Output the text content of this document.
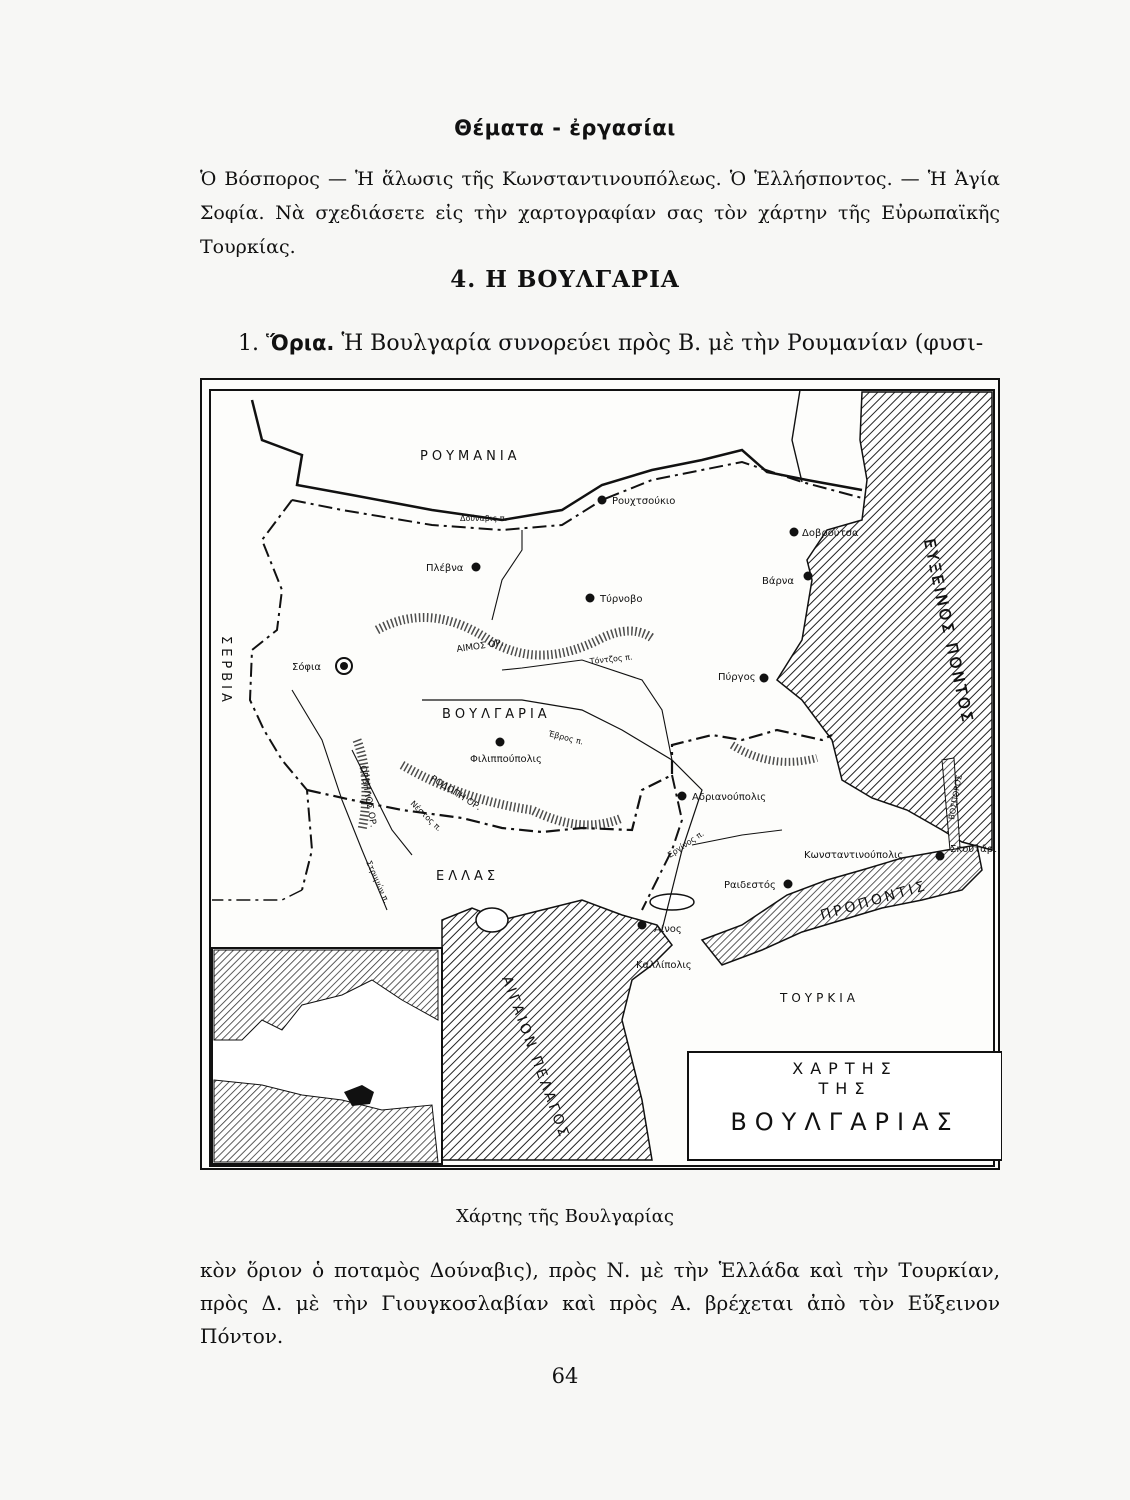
Θέματα - ἐργασίαι
Ὁ Βόσπορος — Ἡ ἅλωσις τῆς Κωνσταντινουπόλεως. Ὁ Ἑλλήσποντος. — Ἡ Ἁγία Σοφία. Νὰ σχεδιάσετε εἰς τὴν χαρτογραφίαν σας τὸν χάρτην τῆς Εὐρωπαϊκῆς Τουρκίας.
4. Η ΒΟΥΛΓΑΡΙΑ
1. Ὅρια. Ἡ Βουλγαρία συνορεύει πρὸς Β. μὲ τὴν Ρουμανίαν (φυσι-
ΡΟΥΜΑΝΙΑ
ΣΕΡΒΙΑ
ΒΟΥΛΓΑΡΙΑ
ΕΛΛΑΣ
ΤΟΥΡΚΙΑ
ΕΥΞΕΙΝΟΣ ΠΟΝΤΟΣ
ΠΡΟΠΟΝΤΙΣ
ΑΙΓΑΙΟΝ ΠΕΛΑΓΟΣ
ΒΟΣΠΟΡΟΣ
ΑΙΜΟΣ ΟΡ.
ΡΟΔΟΠΗ ΟΡ.
ΟΡΒΗΛΟΣ ΟΡ.
Δούναβις π.
Τόντζος π.
Έβρος π.
Νέστος π.
Στρυμών π.
Εργίνος π.
Ρουχτσούκιο
Δοβρούτσα
Πλέβνα
Τύρνοβο
Βάρνα
Σόφια
Πύργος
Φιλιππούπολις
Αδριανούπολις
Κωνσταντινούπολις
Σκουτάρι
Ραιδεστός
Αίνος
Καλλίπολις
ΧΑΡΤΗΣ
ΤΗΣ
ΒΟΥΛΓΑΡΙΑΣ
Χάρτης τῆς Βουλγαρίας
κὸν ὅριον ὁ ποταμὸς Δούναβις), πρὸς Ν. μὲ τὴν Ἑλλάδα καὶ τὴν Τουρκίαν, πρὸς Δ. μὲ τὴν Γιουγκοσλαβίαν καὶ πρὸς Α. βρέχεται ἀπὸ τὸν Εὔξεινον Πόντον.
64
